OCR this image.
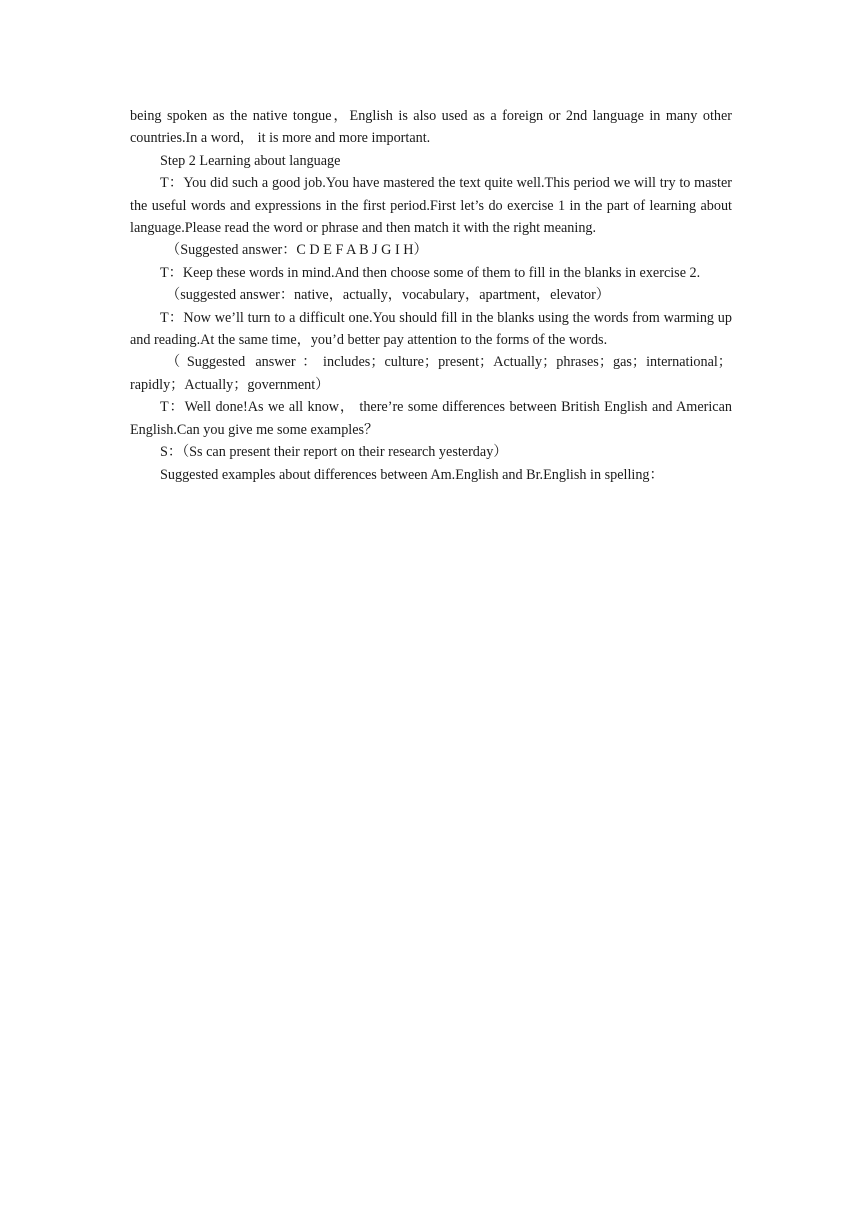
being spoken as the native tongue，English is also used as a foreign or 2nd language in many other countries.In a word， it is more and more important.

Step 2 Learning about language

T：You did such a good job.You have mastered the text quite well.This period we will try to master the useful words and expressions in the first period.First let’s do exercise 1 in the part of learning about language.Please read the word or phrase and then match it with the right meaning.

（Suggested answer：C D E F A B J G I H）

T：Keep these words in mind.And then choose some of them to fill in the blanks in exercise 2.

（suggested answer：native，actually，vocabulary，apartment，elevator）

T：Now we’ll turn to a difficult one.You should fill in the blanks using the words from warming up and reading.At the same time，you’d better pay attention to the forms of the words.

（Suggested answer：includes；culture；present；Actually；phrases；gas；international；rapidly；Actually；government）

T：Well done!As we all know， there’re some differences between British English and American English.Can you give me some examples？

S：（Ss can present their report on their research yesterday）

Suggested examples about differences between Am.English and Br.English in spelling：
